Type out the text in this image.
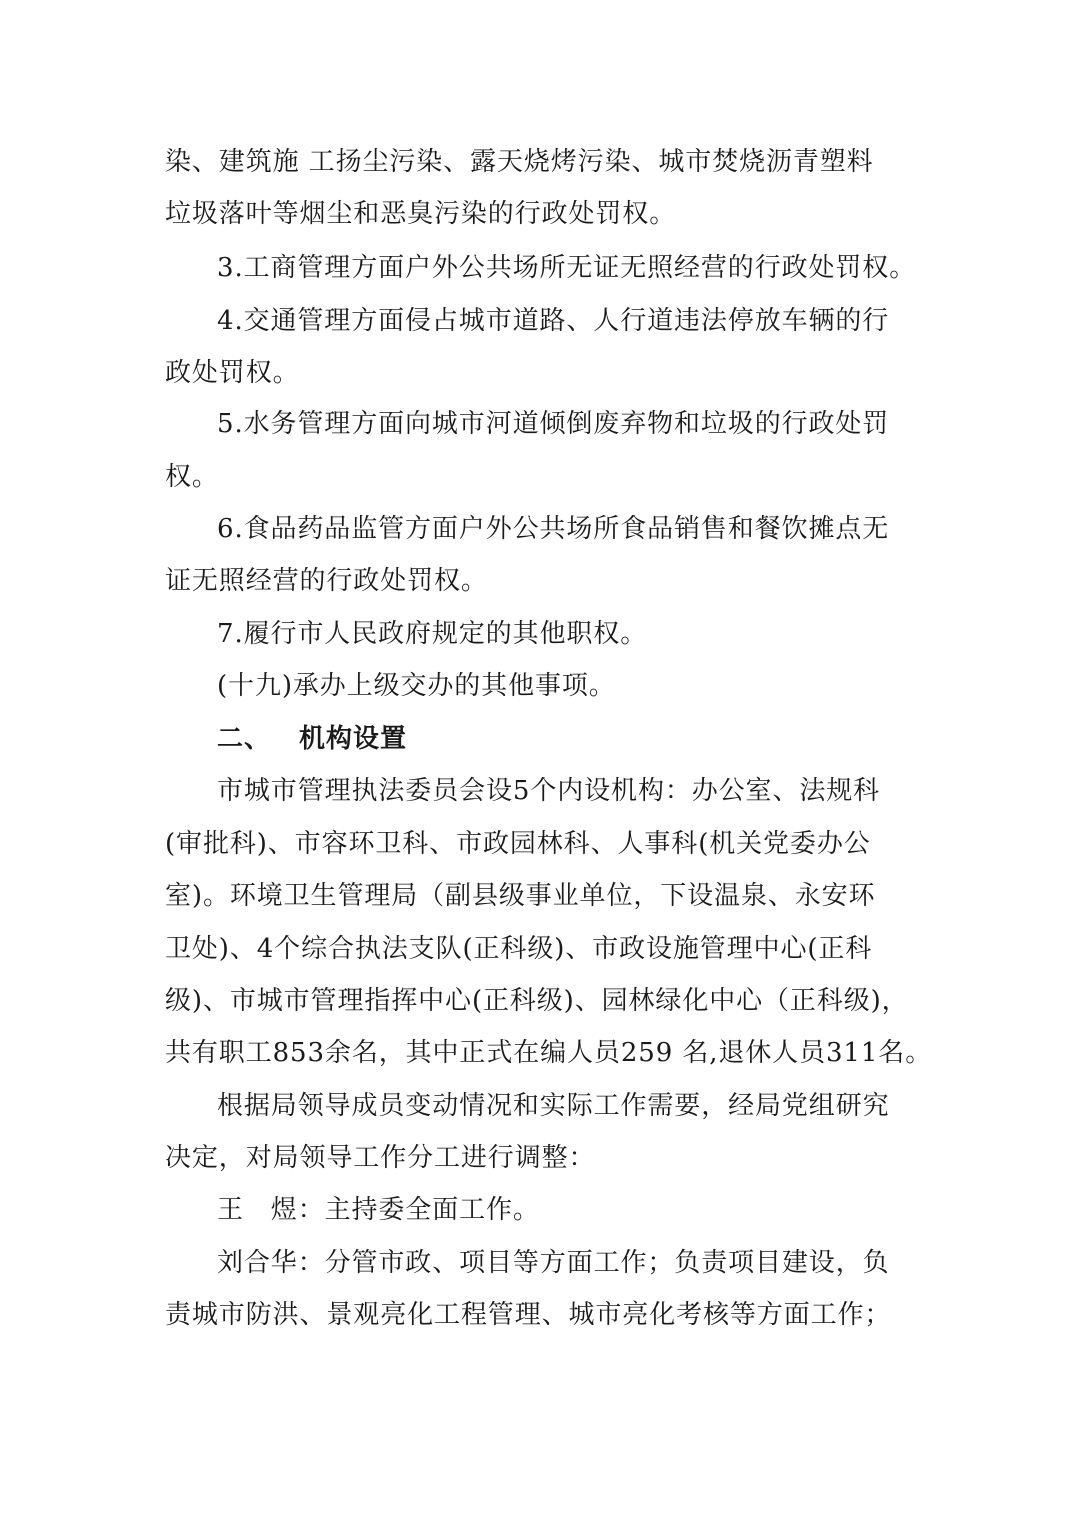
染、建筑施 工扬尘污染、露天烧烤污染、城市焚烧沥青塑料
垃圾落叶等烟尘和恶臭污染的行政处罚权。
3.工商管理方面户外公共场所无证无照经营的行政处罚权。
4.交通管理方面侵占城市道路、人行道违法停放车辆的行
政处罚权。
5.水务管理方面向城市河道倾倒废弃物和垃圾的行政处罚
权。
6.食品药品监管方面户外公共场所食品销售和餐饮摊点无
证无照经营的行政处罚权。
7.履行市人民政府规定的其他职权。
(十九)承办上级交办的其他事项。
二、 机构设置
市城市管理执法委员会设5个内设机构：办公室、法规科
(审批科)、市容环卫科、市政园林科、人事科(机关党委办公
室)。环境卫生管理局（副县级事业单位，下设温泉、永安环
卫处)、4个综合执法支队(正科级)、市政设施管理中心(正科
级)、市城市管理指挥中心(正科级)、园林绿化中心（正科级)，
共有职工853余名，其中正式在编人员259 名,退休人员311名。
根据局领导成员变动情况和实际工作需要，经局党组研究
决定，对局领导工作分工进行调整：
王　煜：主持委全面工作。
刘合华：分管市政、项目等方面工作；负责项目建设，负
责城市防洪、景观亮化工程管理、城市亮化考核等方面工作；
